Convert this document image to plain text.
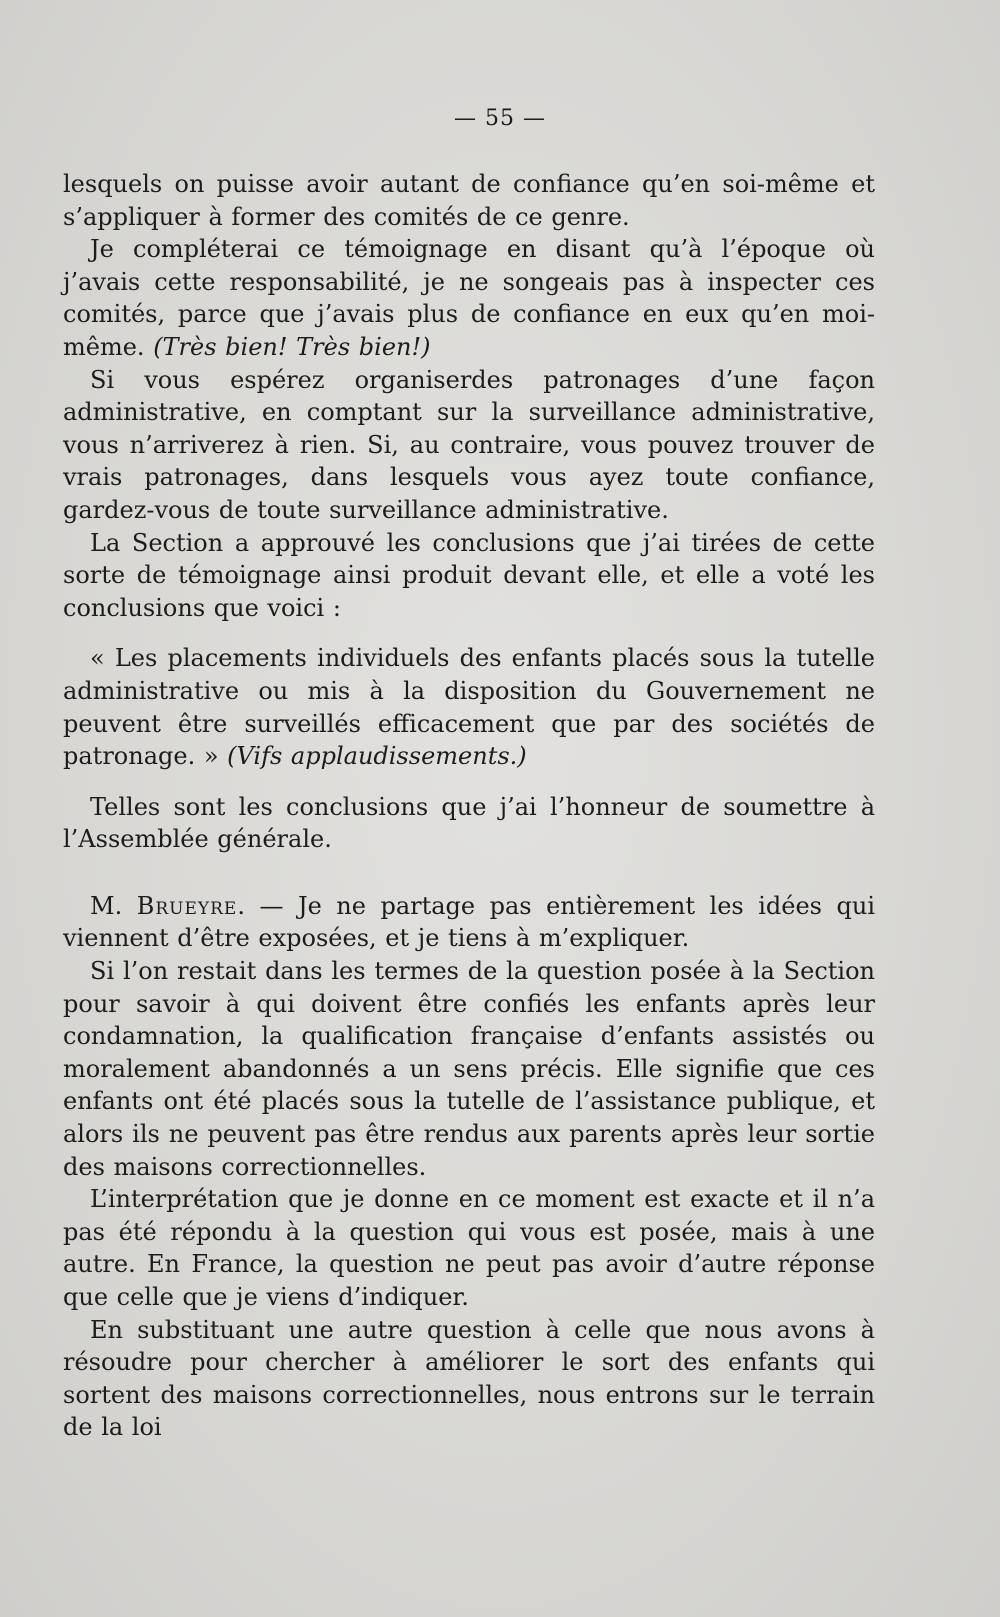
— 55 —

lesquels on puisse avoir autant de confiance qu’en soi-même et s’appliquer à former des comités de ce genre.

Je compléterai ce témoignage en disant qu’à l’époque où j’avais cette responsabilité, je ne songeais pas à inspecter ces comités, parce que j’avais plus de confiance en eux qu’en moi-même. (Très bien! Très bien!)

Si vous espérez organiserdes patronages d’une façon administrative, en comptant sur la surveillance administrative, vous n’arriverez à rien. Si, au contraire, vous pouvez trouver de vrais patronages, dans lesquels vous ayez toute confiance, gardez-vous de toute surveillance administrative.

La Section a approuvé les conclusions que j’ai tirées de cette sorte de témoignage ainsi produit devant elle, et elle a voté les conclusions que voici :

« Les placements individuels des enfants placés sous la tutelle administrative ou mis à la disposition du Gouvernement ne peuvent être surveillés efficacement que par des sociétés de patronage. » (Vifs applaudissements.)

Telles sont les conclusions que j’ai l’honneur de soumettre à l’Assemblée générale.

M. Brueyre. — Je ne partage pas entièrement les idées qui viennent d’être exposées, et je tiens à m’expliquer.

Si l’on restait dans les termes de la question posée à la Section pour savoir à qui doivent être confiés les enfants après leur condamnation, la qualification française d’enfants assistés ou moralement abandonnés a un sens précis. Elle signifie que ces enfants ont été placés sous la tutelle de l’assistance publique, et alors ils ne peuvent pas être rendus aux parents après leur sortie des maisons correctionnelles.

L’interprétation que je donne en ce moment est exacte et il n’a pas été répondu à la question qui vous est posée, mais à une autre. En France, la question ne peut pas avoir d’autre réponse que celle que je viens d’indiquer.

En substituant une autre question à celle que nous avons à résoudre pour chercher à améliorer le sort des enfants qui sortent des maisons correctionnelles, nous entrons sur le terrain de la loi
